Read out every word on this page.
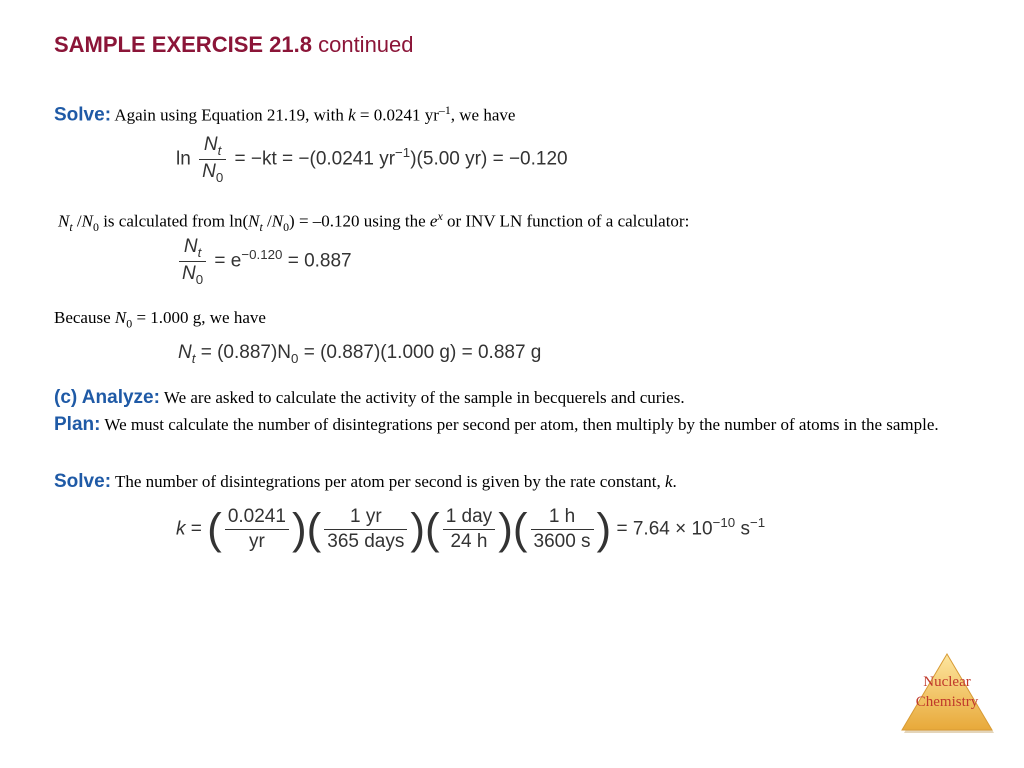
SAMPLE EXERCISE 21.8 continued
Solve: Again using Equation 21.19, with k = 0.0241 $yr^{-1}$, we have
$\ln \frac{N_t}{N_0} = -kt = -(0.0241$ $yr^{-1})(5.00$ yr) = −0.120
$N_t$ $/N_0$ is calculated from $\ln(N_t$ $/N_0) = -0.120$ using the $e^x$ or INV LN function of a calculator:
$\frac{N_t}{N_0} = e^{-0.120} = 0.887$
Because $N_0 = 1.000$ g, we have
$N_t = (0.887)N_0 = (0.887)(1.000$ g) = 0.887 g
(c) Analyze: We are asked to calculate the activity of the sample in becquerels and curies.
Plan: We must calculate the number of disintegrations per second per atom, then multiply by the number of atoms in the sample.
Solve: The number of disintegrations per atom per second is given by the rate constant, k.
k = ( $\frac{0.0241}{yr}$ )( $\frac{1 yr}{\text{365 days}}$ )( $\frac{\text{1 day}}{24 h}$ )( $\frac{1 h}{3600 s}$ ) = $7.64 \times 10^{-10}$ $s^{-1}$
Nuclear
Chemistry
